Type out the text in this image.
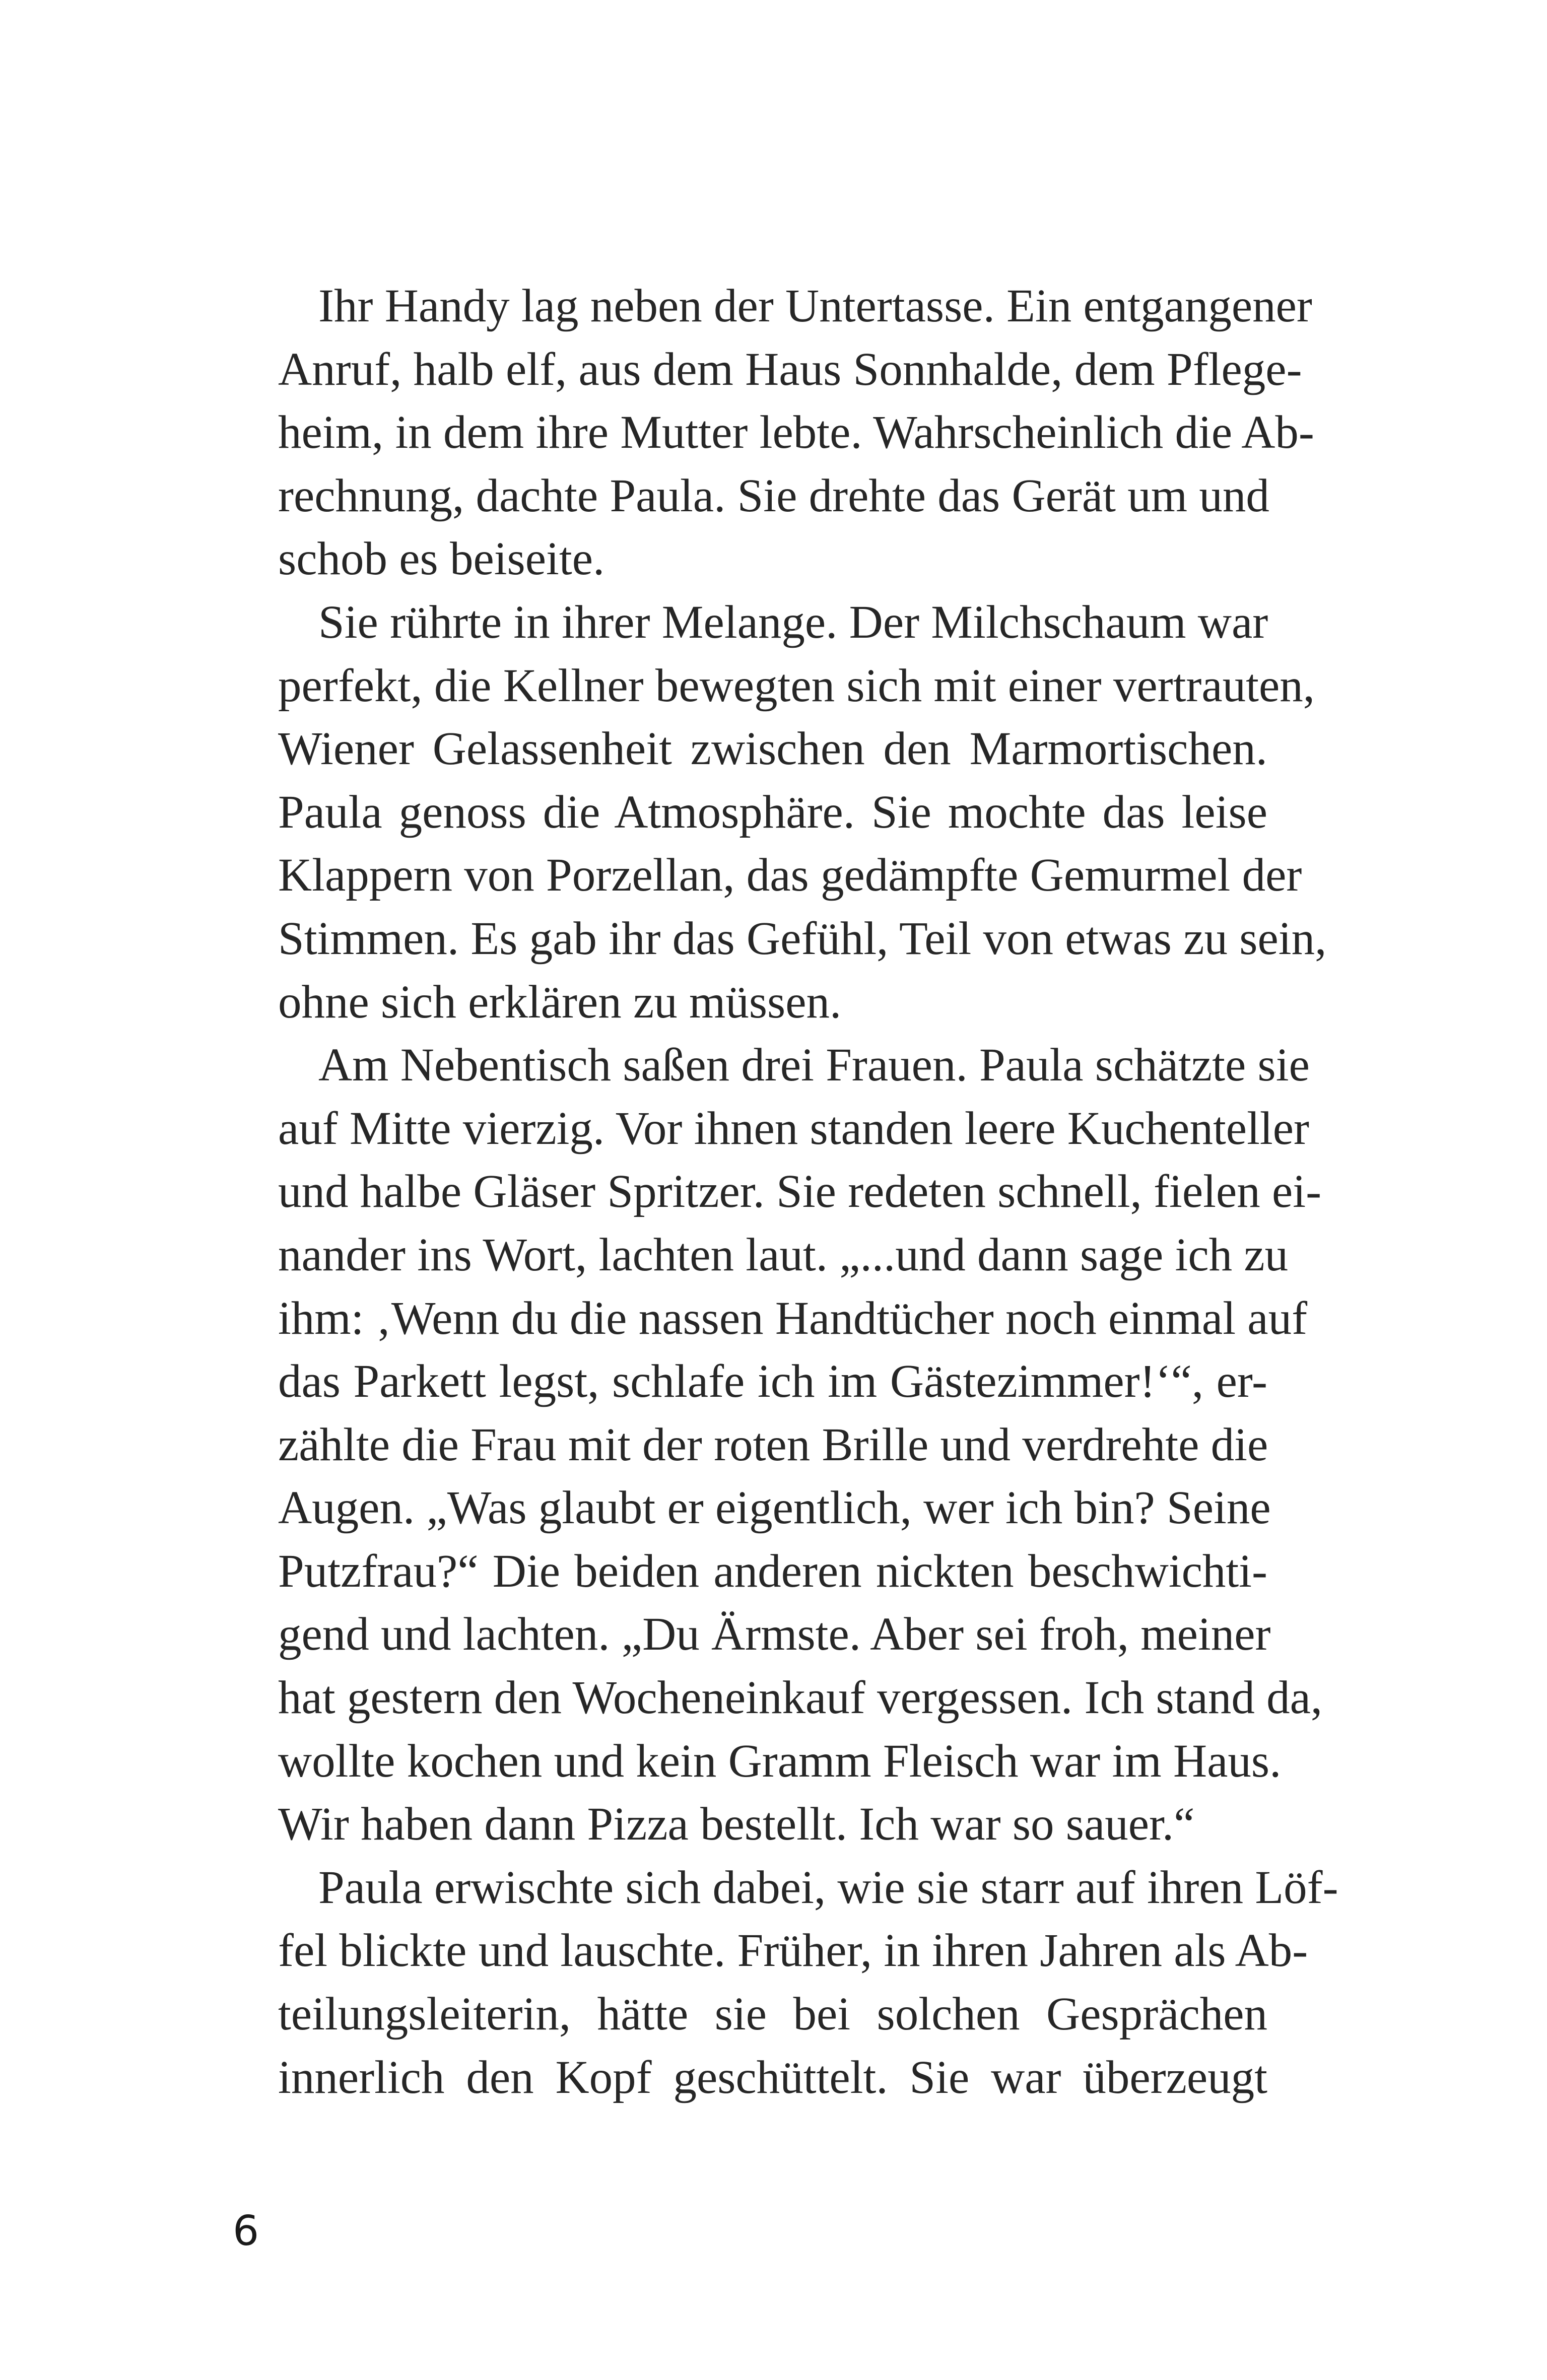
Ihr Handy lag neben der Untertasse. Ein entgangener
Anruf, halb elf, aus dem Haus Sonnhalde, dem Pflege-
heim, in dem ihre Mutter lebte. Wahrscheinlich die Ab-
rechnung, dachte Paula. Sie drehte das Gerät um und
schob es beiseite.
Sie rührte in ihrer Melange. Der Milchschaum war
perfekt, die Kellner bewegten sich mit einer vertrauten,
Wiener Gelassenheit zwischen den Marmortischen.
Paula genoss die Atmosphäre. Sie mochte das leise
Klappern von Porzellan, das gedämpfte Gemurmel der
Stimmen. Es gab ihr das Gefühl, Teil von etwas zu sein,
ohne sich erklären zu müssen.
Am Nebentisch saßen drei Frauen. Paula schätzte sie
auf Mitte vierzig. Vor ihnen standen leere Kuchenteller
und halbe Gläser Spritzer. Sie redeten schnell, fielen ei-
nander ins Wort, lachten laut. „...und dann sage ich zu
ihm: ‚Wenn du die nassen Handtücher noch einmal auf
das Parkett legst, schlafe ich im Gästezimmer!‘“, er-
zählte die Frau mit der roten Brille und verdrehte die
Augen. „Was glaubt er eigentlich, wer ich bin? Seine
Putzfrau?“ Die beiden anderen nickten beschwichti-
gend und lachten. „Du Ärmste. Aber sei froh, meiner
hat gestern den Wocheneinkauf vergessen. Ich stand da,
wollte kochen und kein Gramm Fleisch war im Haus.
Wir haben dann Pizza bestellt. Ich war so sauer.“
Paula erwischte sich dabei, wie sie starr auf ihren Löf-
fel blickte und lauschte. Früher, in ihren Jahren als Ab-
teilungsleiterin, hätte sie bei solchen Gesprächen
innerlich den Kopf geschüttelt. Sie war überzeugt
6
